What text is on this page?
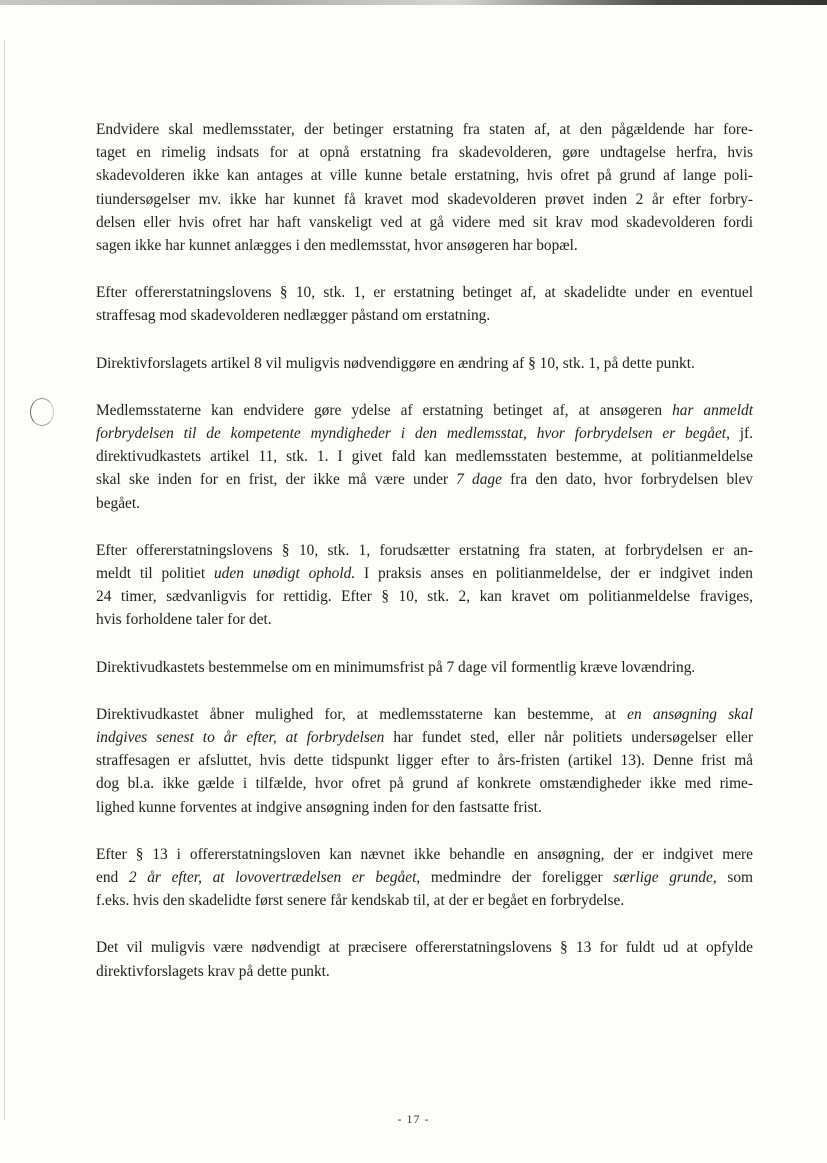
Endvidere skal medlemsstater, der betinger erstatning fra staten af, at den pågældende har fore-
taget en rimelig indsats for at opnå erstatning fra skadevolderen, gøre undtagelse herfra, hvis
skadevolderen ikke kan antages at ville kunne betale erstatning, hvis ofret på grund af lange poli-
tiundersøgelser mv. ikke har kunnet få kravet mod skadevolderen prøvet inden 2 år efter forbry-
delsen eller hvis ofret har haft vanskeligt ved at gå videre med sit krav mod skadevolderen fordi
sagen ikke har kunnet anlægges i den medlemsstat, hvor ansøgeren har bopæl.

Efter offererstatningslovens § 10, stk. 1, er erstatning betinget af, at skadelidte under en eventuel
straffesag mod skadevolderen nedlægger påstand om erstatning.

Direktivforslagets artikel 8 vil muligvis nødvendiggøre en ændring af § 10, stk. 1, på dette punkt.

Medlemsstaterne kan endvidere gøre ydelse af erstatning betinget af, at ansøgeren har anmeldt
forbrydelsen til de kompetente myndigheder i den medlemsstat, hvor forbrydelsen er begået, jf.
direktivudkastets artikel 11, stk. 1. I givet fald kan medlemsstaten bestemme, at politianmeldelse
skal ske inden for en frist, der ikke må være under 7 dage fra den dato, hvor forbrydelsen blev
begået.

Efter offererstatningslovens § 10, stk. 1, forudsætter erstatning fra staten, at forbrydelsen er an-
meldt til politiet uden unødigt ophold. I praksis anses en politianmeldelse, der er indgivet inden
24 timer, sædvanligvis for rettidig. Efter § 10, stk. 2, kan kravet om politianmeldelse fraviges,
hvis forholdene taler for det.

Direktivudkastets bestemmelse om en minimumsfrist på 7 dage vil formentlig kræve lovændring.

Direktivudkastet åbner mulighed for, at medlemsstaterne kan bestemme, at en ansøgning skal
indgives senest to år efter, at forbrydelsen har fundet sted, eller når politiets undersøgelser eller
straffesagen er afsluttet, hvis dette tidspunkt ligger efter to års-fristen (artikel 13). Denne frist må
dog bl.a. ikke gælde i tilfælde, hvor ofret på grund af konkrete omstændigheder ikke med rime-
lighed kunne forventes at indgive ansøgning inden for den fastsatte frist.

Efter § 13 i offererstatningsloven kan nævnet ikke behandle en ansøgning, der er indgivet mere
end 2 år efter, at lovovertrædelsen er begået, medmindre der foreligger særlige grunde, som
f.eks. hvis den skadelidte først senere får kendskab til, at der er begået en forbrydelse.

Det vil muligvis være nødvendigt at præcisere offererstatningslovens § 13 for fuldt ud at opfylde
direktivforslagets krav på dette punkt.

- 17 -
